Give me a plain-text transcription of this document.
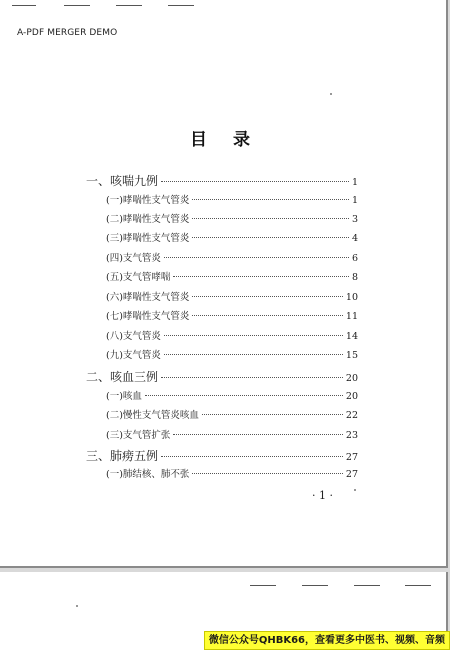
A-PDF MERGER DEMO
目 录
一、咳喘九例	1
(一)哮喘性支气管炎	1
(二)哮喘性支气管炎	3
(三)哮喘性支气管炎	4
(四)支气管炎	6
(五)支气管哮喘	8
(六)哮喘性支气管炎	10
(七)哮喘性支气管炎	11
(八)支气管炎	14
(九)支气管炎	15
二、咳血三例	20
(一)咳血	20
(二)慢性支气管炎咳血	22
(三)支气管扩张	23
三、肺痨五例	27
(一)肺结核、肺不张	27
· 1 ·
微信公众号QHBK66，查看更多中医书、视频、音频
